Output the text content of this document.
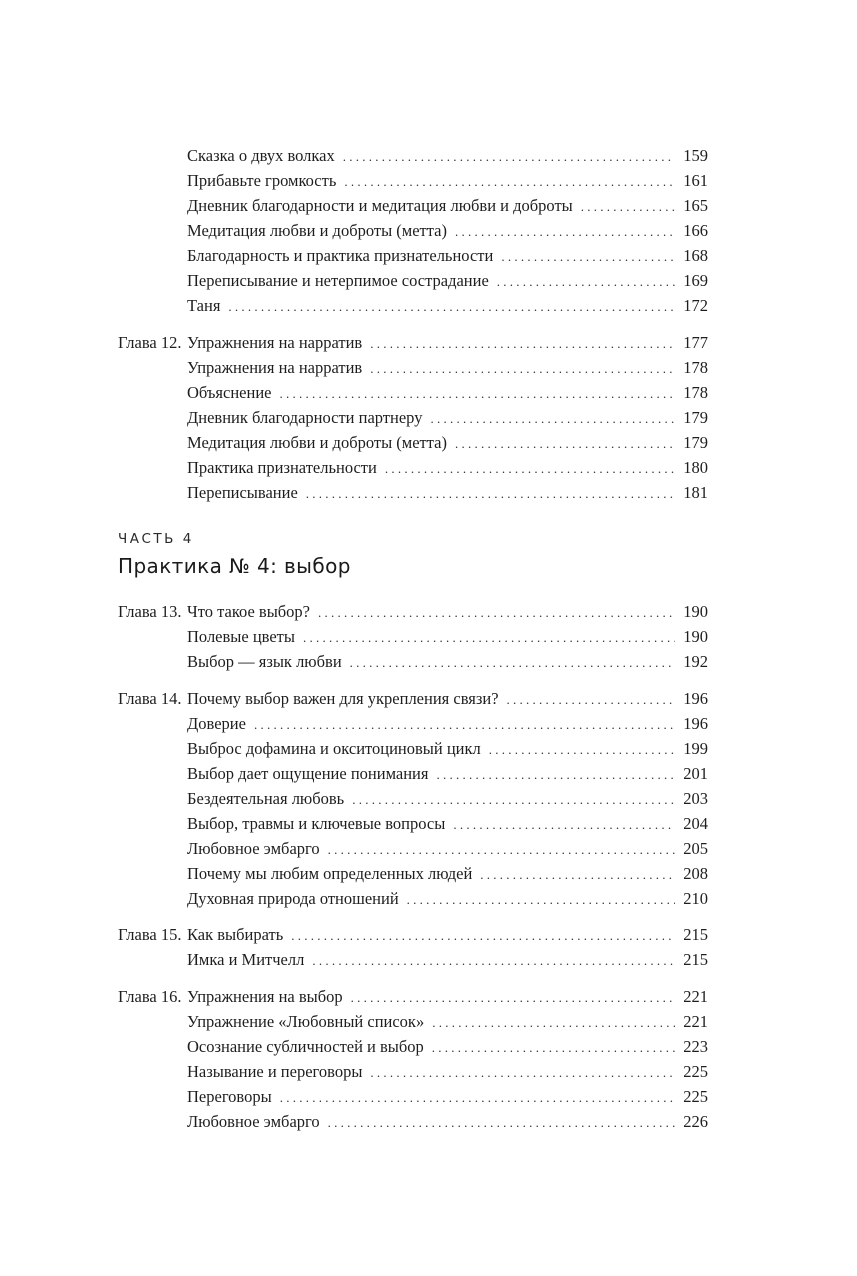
Сказка о двух волках . . .	159
Прибавьте громкость . . .	161
Дневник благодарности и медитация любви и доброты . . .	165
Медитация любви и доброты (метта) . . .	166
Благодарность и практика признательности . . .	168
Переписывание и нетерпимое сострадание . . .	169
Таня . . .	172
Глава 12. Упражнения на нарратив . . .	177
Упражнения на нарратив . . .	178
Объяснение . . .	178
Дневник благодарности партнеру . . .	179
Медитация любви и доброты (метта) . . .	179
Практика признательности . . .	180
Переписывание . . .	181
ЧАСТЬ 4
Практика № 4: выбор
Глава 13. Что такое выбор? . . .	190
Полевые цветы . . .	190
Выбор — язык любви . . .	192
Глава 14. Почему выбор важен для укрепления связи? . . .	196
Доверие . . .	196
Выброс дофамина и окситоциновый цикл . . .	199
Выбор дает ощущение понимания . . .	201
Бездеятельная любовь . . .	203
Выбор, травмы и ключевые вопросы . . .	204
Любовное эмбарго . . .	205
Почему мы любим определенных людей . . .	208
Духовная природа отношений . . .	210
Глава 15. Как выбирать . . .	215
Имка и Митчелл . . .	215
Глава 16. Упражнения на выбор . . .	221
Упражнение «Любовный список» . . .	221
Осознание субличностей и выбор . . .	223
Называние и переговоры . . .	225
Переговоры . . .	225
Любовное эмбарго . . .	226
